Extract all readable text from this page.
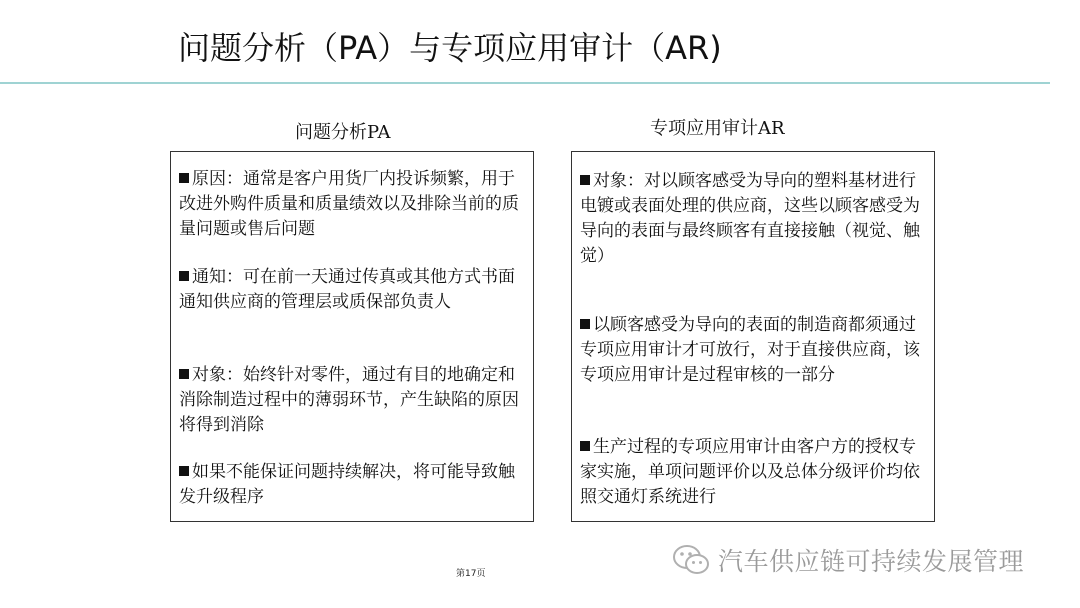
问题分析（PA）与专项应用审计（AR)
问题分析PA
原因：通常是客户用货厂内投诉频繁，用于改进外购件质量和质量绩效以及排除当前的质量问题或售后问题
通知：可在前一天通过传真或其他方式书面通知供应商的管理层或质保部负责人
对象：始终针对零件，通过有目的地确定和消除制造过程中的薄弱环节，产生缺陷的原因将得到消除
如果不能保证问题持续解决，将可能导致触发升级程序
专项应用审计AR
对象：对以顾客感受为导向的塑料基材进行电镀或表面处理的供应商，这些以顾客感受为导向的表面与最终顾客有直接接触（视觉、触觉）
以顾客感受为导向的表面的制造商都须通过专项应用审计才可放行，对于直接供应商，该专项应用审计是过程审核的一部分
生产过程的专项应用审计由客户方的授权专家实施，单项问题评价以及总体分级评价均依照交通灯系统进行
第17页	汽车供应链可持续发展管理
